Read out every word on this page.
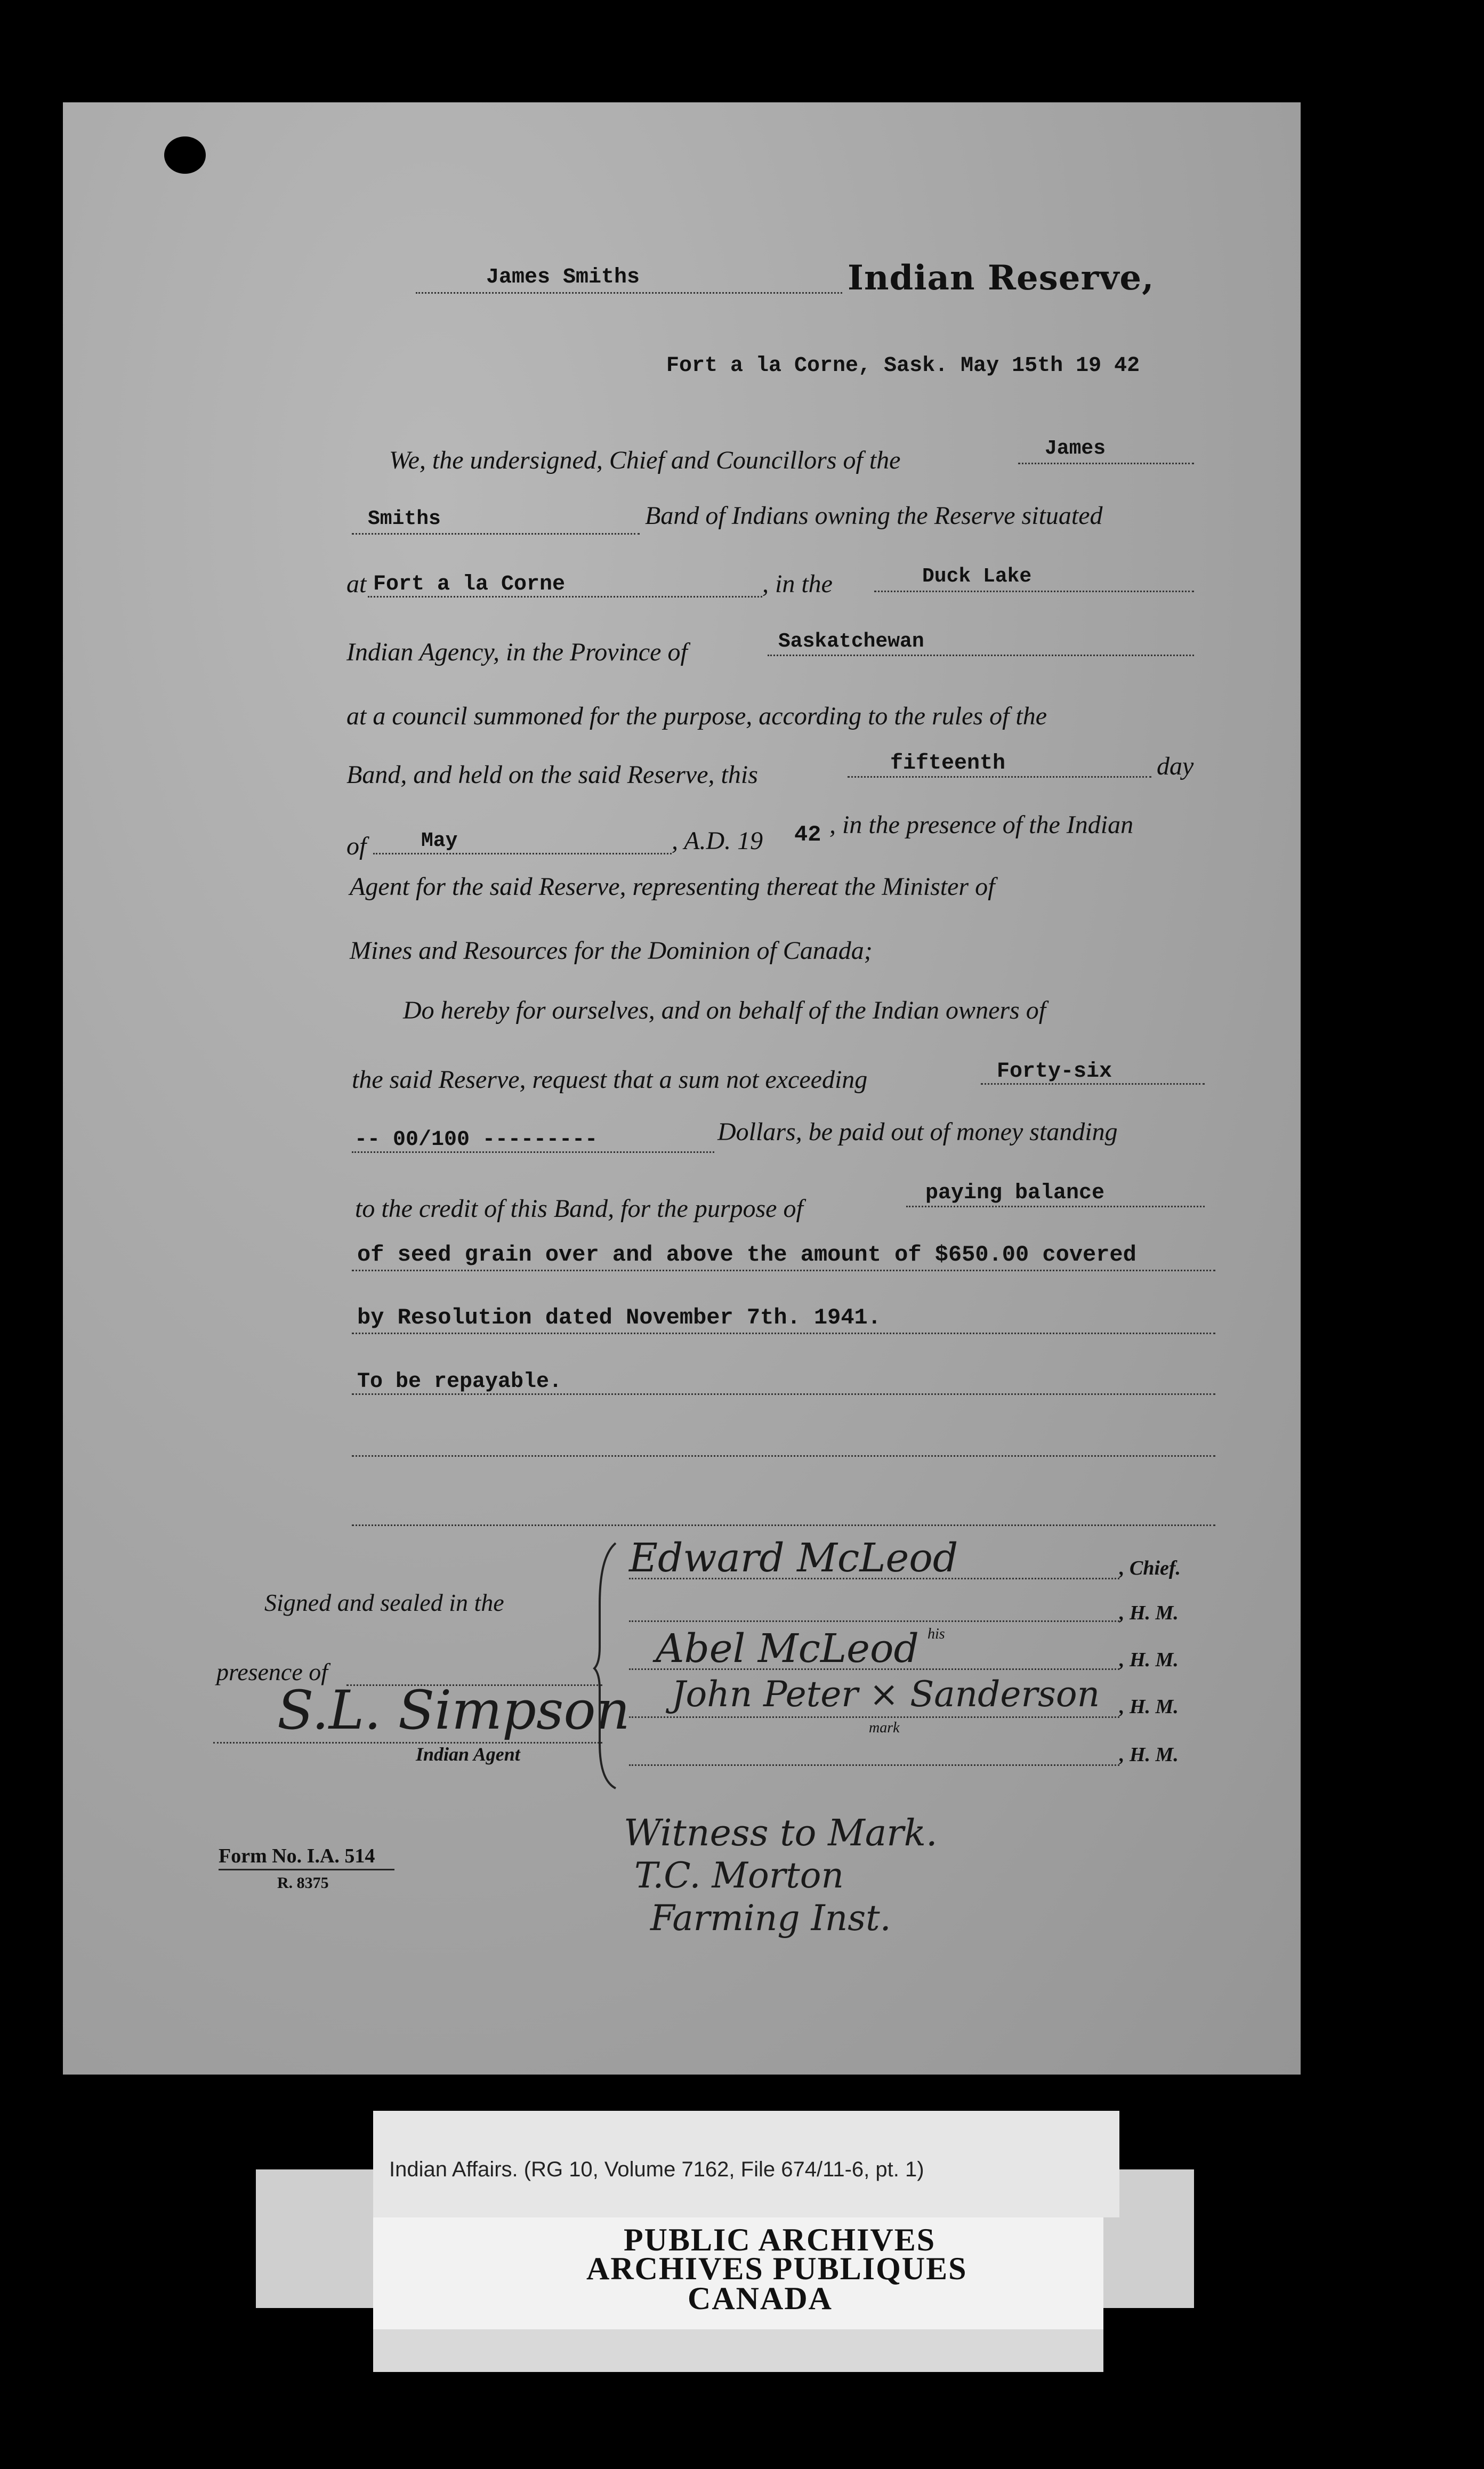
James Smiths	Indian Reserve,
Fort a la Corne, Sask. May 15th 19 42
We, the undersigned, Chief and Councillors of the	James
Smiths	Band of Indians owning the Reserve situated
at Fort a la Corne	, in the	Duck Lake
Indian Agency, in the Province of	Saskatchewan
at a council summoned for the purpose, according to the rules of the
Band, and held on the said Reserve, this	fifteenth	day
of	May	, A.D. 19 42 , in the presence of the Indian
Agent for the said Reserve, representing thereat the Minister of
Mines and Resources for the Dominion of Canada;
Do hereby for ourselves, and on behalf of the Indian owners of
the said Reserve, request that a sum not exceeding	Forty-six
-- 00/100 ---------	Dollars, be paid out of money standing
to the credit of this Band, for the purpose of
paying balance
of seed grain over and above the amount of $650.00 covered
by Resolution dated November 7th. 1941.
To be repayable.
Signed and sealed in the
presence of
S.L. Simpson
Indian Agent
Edward McLeod	, Chief.
, H. M.
Abel McLeod his
, H. M.
John Peter × Sanderson , H. M.
mark
, H. M.
Witness to Mark.
T.C. Morton
Farming Inst.
Form No. I.A. 514
R. 8375
Indian Affairs. (RG 10, Volume 7162, File 674/11-6, pt. 1)
PUBLIC ARCHIVES
ARCHIVES PUBLIQUES
CANADA
